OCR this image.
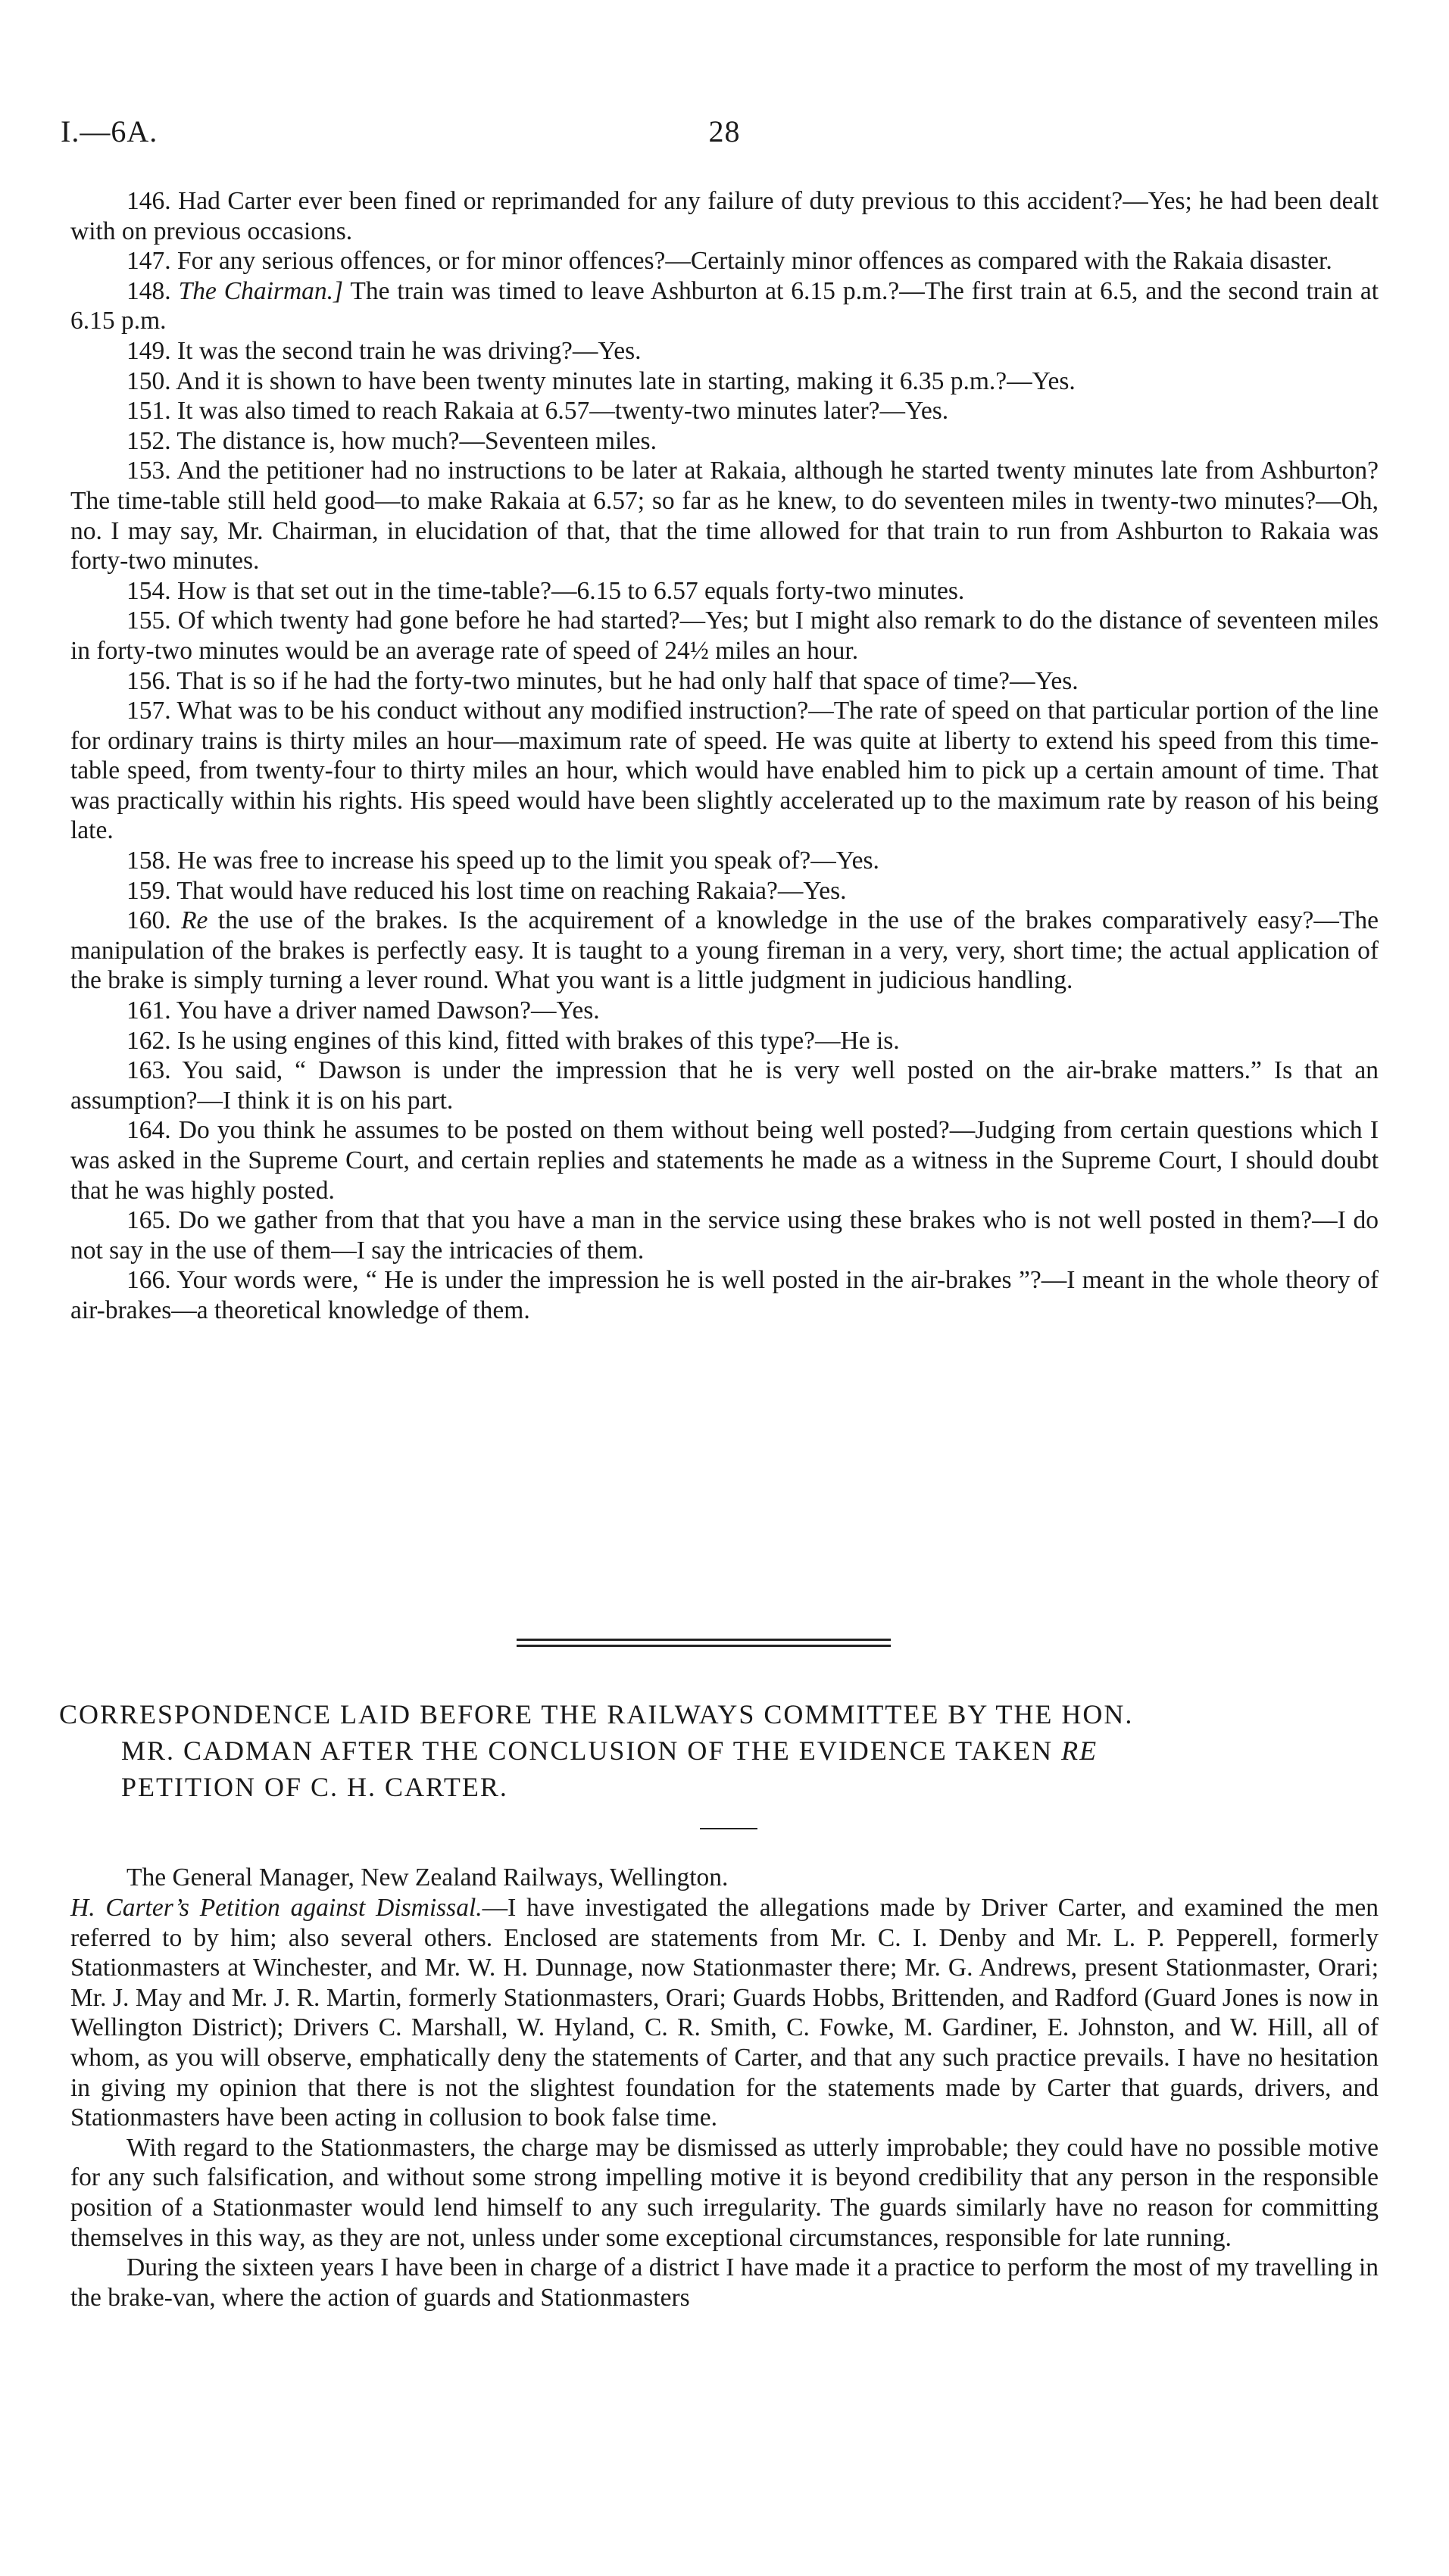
I.—6A.	28

146. Had Carter ever been fined or reprimanded for any failure of duty previous to this accident?—Yes; he had been dealt with on previous occasions.

147. For any serious offences, or for minor offences?—Certainly minor offences as compared with the Rakaia disaster.

148. The Chairman.] The train was timed to leave Ashburton at 6.15 p.m.?—The first train at 6.5, and the second train at 6.15 p.m.

149. It was the second train he was driving?—Yes.

150. And it is shown to have been twenty minutes late in starting, making it 6.35 p.m.?—Yes.

151. It was also timed to reach Rakaia at 6.57—twenty-two minutes later?—Yes.

152. The distance is, how much?—Seventeen miles.

153. And the petitioner had no instructions to be later at Rakaia, although he started twenty minutes late from Ashburton? The time-table still held good—to make Rakaia at 6.57; so far as he knew, to do seventeen miles in twenty-two minutes?—Oh, no. I may say, Mr. Chairman, in elucidation of that, that the time allowed for that train to run from Ashburton to Rakaia was forty-two minutes.

154. How is that set out in the time-table?—6.15 to 6.57 equals forty-two minutes.

155. Of which twenty had gone before he had started?—Yes; but I might also remark to do the distance of seventeen miles in forty-two minutes would be an average rate of speed of 24½ miles an hour.

156. That is so if he had the forty-two minutes, but he had only half that space of time?—Yes.

157. What was to be his conduct without any modified instruction?—The rate of speed on that particular portion of the line for ordinary trains is thirty miles an hour—maximum rate of speed. He was quite at liberty to extend his speed from this time-table speed, from twenty-four to thirty miles an hour, which would have enabled him to pick up a certain amount of time. That was practically within his rights. His speed would have been slightly accelerated up to the maximum rate by reason of his being late.

158. He was free to increase his speed up to the limit you speak of?—Yes.

159. That would have reduced his lost time on reaching Rakaia?—Yes.

160. Re the use of the brakes. Is the acquirement of a knowledge in the use of the brakes comparatively easy?—The manipulation of the brakes is perfectly easy. It is taught to a young fireman in a very, very, short time; the actual application of the brake is simply turning a lever round. What you want is a little judgment in judicious handling.

161. You have a driver named Dawson?—Yes.

162. Is he using engines of this kind, fitted with brakes of this type?—He is.

163. You said, “ Dawson is under the impression that he is very well posted on the air-brake matters.” Is that an assumption?—I think it is on his part.

164. Do you think he assumes to be posted on them without being well posted?—Judging from certain questions which I was asked in the Supreme Court, and certain replies and statements he made as a witness in the Supreme Court, I should doubt that he was highly posted.

165. Do we gather from that that you have a man in the service using these brakes who is not well posted in them?—I do not say in the use of them—I say the intricacies of them.

166. Your words were, “ He is under the impression he is well posted in the air-brakes ”?—I meant in the whole theory of air-brakes—a theoretical knowledge of them.

CORRESPONDENCE LAID BEFORE THE RAILWAYS COMMITTEE BY THE HON.
MR. CADMAN AFTER THE CONCLUSION OF THE EVIDENCE TAKEN RE
PETITION OF C. H. CARTER.

The General Manager, New Zealand Railways, Wellington.

H. Carter’s Petition against Dismissal.—I have investigated the allegations made by Driver Carter, and examined the men referred to by him; also several others. Enclosed are statements from Mr. C. I. Denby and Mr. L. P. Pepperell, formerly Stationmasters at Winchester, and Mr. W. H. Dunnage, now Stationmaster there; Mr. G. Andrews, present Stationmaster, Orari; Mr. J. May and Mr. J. R. Martin, formerly Stationmasters, Orari; Guards Hobbs, Brittenden, and Radford (Guard Jones is now in Wellington District); Drivers C. Marshall, W. Hyland, C. R. Smith, C. Fowke, M. Gardiner, E. Johnston, and W. Hill, all of whom, as you will observe, emphatically deny the statements of Carter, and that any such practice prevails. I have no hesitation in giving my opinion that there is not the slightest foundation for the statements made by Carter that guards, drivers, and Stationmasters have been acting in collusion to book false time.

With regard to the Stationmasters, the charge may be dismissed as utterly improbable; they could have no possible motive for any such falsification, and without some strong impelling motive it is beyond credibility that any person in the responsible position of a Stationmaster would lend himself to any such irregularity. The guards similarly have no reason for committing themselves in this way, as they are not, unless under some exceptional circumstances, responsible for late running.

During the sixteen years I have been in charge of a district I have made it a practice to perform the most of my travelling in the brake-van, where the action of guards and Stationmasters
